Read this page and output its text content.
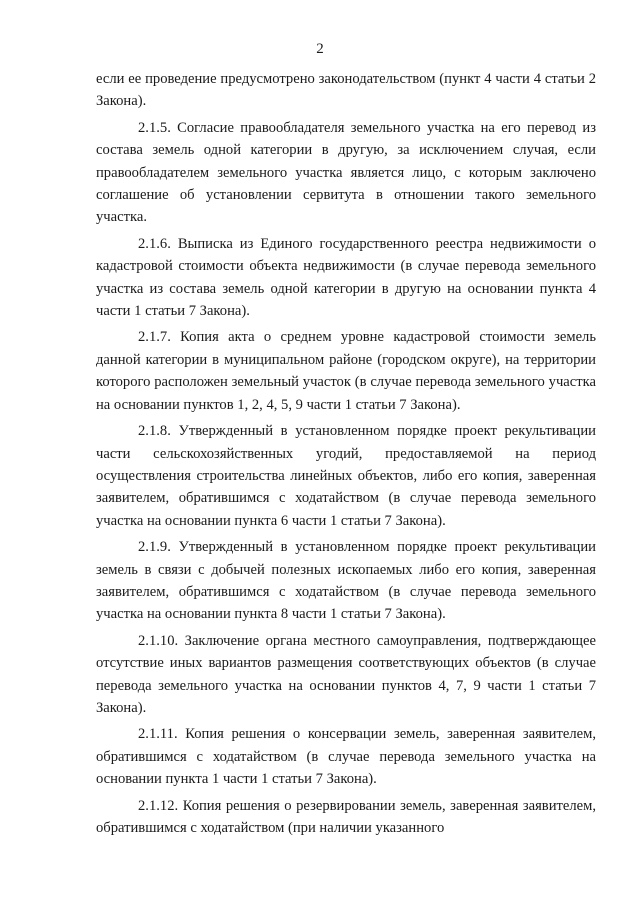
2

если ее проведение предусмотрено законодательством (пункт 4 части 4 статьи 2 Закона).

2.1.5. Согласие правообладателя земельного участка на его перевод из состава земель одной категории в другую, за исключением случая, если правообладателем земельного участка является лицо, с которым заключено соглашение об установлении сервитута в отношении такого земельного участка.

2.1.6. Выписка из Единого государственного реестра недвижимости о кадастровой стоимости объекта недвижимости (в случае перевода земельного участка из состава земель одной категории в другую на основании пункта 4 части 1 статьи 7 Закона).

2.1.7. Копия акта о среднем уровне кадастровой стоимости земель данной категории в муниципальном районе (городском округе), на территории которого расположен земельный участок (в случае перевода земельного участка на основании пунктов 1, 2, 4, 5, 9 части 1 статьи 7 Закона).

2.1.8. Утвержденный в установленном порядке проект рекультивации части сельскохозяйственных угодий, предоставляемой на период осуществления строительства линейных объектов, либо его копия, заверенная заявителем, обратившимся с ходатайством (в случае перевода земельного участка на основании пункта 6 части 1 статьи 7 Закона).

2.1.9. Утвержденный в установленном порядке проект рекультивации земель в связи с добычей полезных ископаемых либо его копия, заверенная заявителем, обратившимся с ходатайством (в случае перевода земельного участка на основании пункта 8 части 1 статьи 7 Закона).

2.1.10. Заключение органа местного самоуправления, подтверждающее отсутствие иных вариантов размещения соответствующих объектов (в случае перевода земельного участка на основании пунктов 4, 7, 9 части 1 статьи 7 Закона).

2.1.11. Копия решения о консервации земель, заверенная заявителем, обратившимся с ходатайством (в случае перевода земельного участка на основании пункта 1 части 1 статьи 7 Закона).

2.1.12. Копия решения о резервировании земель, заверенная заявителем, обратившимся с ходатайством (при наличии указанного
